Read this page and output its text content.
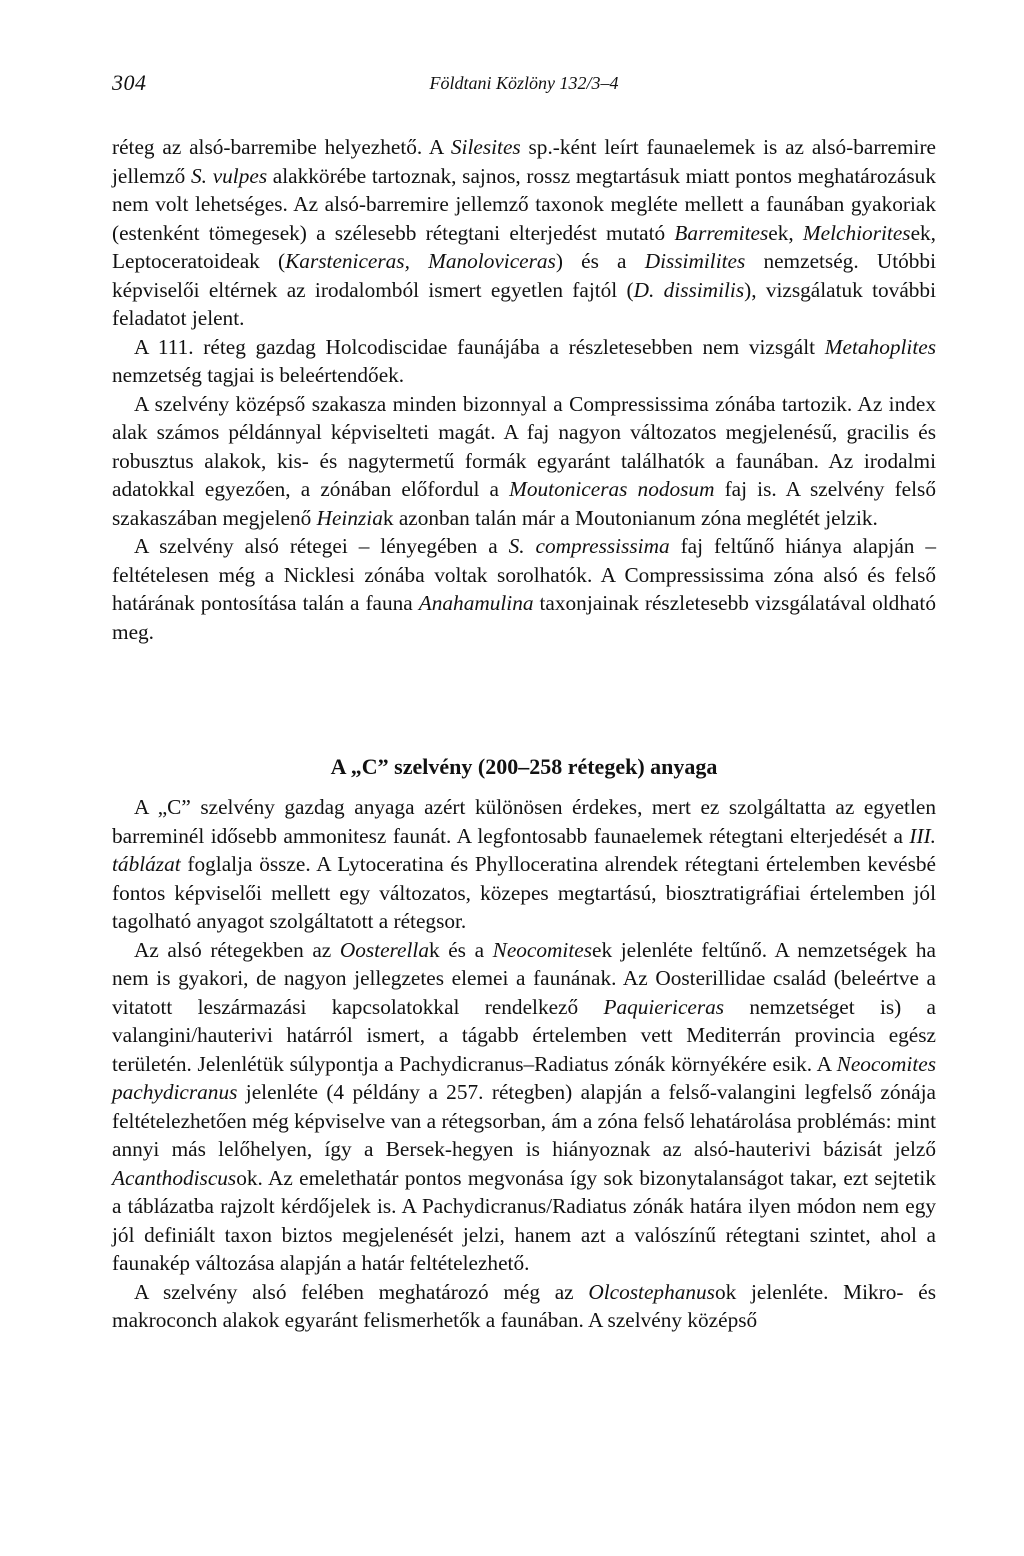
304	Földtani Közlöny 132/3–4

réteg az alsó-barremibe helyezhető. A Silesites sp.-ként leírt faunaelemek is az alsó-barremire jellemző S. vulpes alakkörébe tartoznak, sajnos, rossz megtartásuk miatt pontos meghatározásuk nem volt lehetséges. Az alsó-barremire jellemző taxonok megléte mellett a faunában gyakoriak (estenként tömegesek) a szélesebb rétegtani elterjedést mutató Barremitesek, Melchioritesek, Leptoceratoideak (Karsteniceras, Manoloviceras) és a Dissimilites nemzetség. Utóbbi képviselői eltérnek az irodalomból ismert egyetlen fajtól (D. dissimilis), vizsgálatuk további feladatot jelent.

A 111. réteg gazdag Holcodiscidae faunájába a részletesebben nem vizsgált Metahoplites nemzetség tagjai is beleértendőek.

A szelvény középső szakasza minden bizonnyal a Compressissima zónába tartozik. Az index alak számos példánnyal képviselteti magát. A faj nagyon változatos megjelenésű, gracilis és robusztus alakok, kis- és nagytermetű formák egyaránt találhatók a faunában. Az irodalmi adatokkal egyezően, a zónában előfordul a Moutoniceras nodosum faj is. A szelvény felső szakaszában megjelenő Heinziak azonban talán már a Moutonianum zóna meglétét jelzik.

A szelvény alsó rétegei – lényegében a S. compressissima faj feltűnő hiánya alapján – feltételesen még a Nicklesi zónába voltak sorolhatók. A Compressissima zóna alsó és felső határának pontosítása talán a fauna Anahamulina taxonjainak részletesebb vizsgálatával oldható meg.

A „C” szelvény (200–258 rétegek) anyaga

A „C” szelvény gazdag anyaga azért különösen érdekes, mert ez szolgáltatta az egyetlen barreminél idősebb ammonitesz faunát. A legfontosabb faunaelemek rétegtani elterjedését a III. táblázat foglalja össze. A Lytoceratina és Phylloceratina alrendek rétegtani értelemben kevésbé fontos képviselői mellett egy változatos, közepes megtartású, biosztratigráfiai értelemben jól tagolható anyagot szolgáltatott a rétegsor.

Az alsó rétegekben az Oosterellak és a Neocomitesek jelenléte feltűnő. A nemzetségek ha nem is gyakori, de nagyon jellegzetes elemei a faunának. Az Oosterillidae család (beleértve a vitatott leszármazási kapcsolatokkal rendelkező Paquiericeras nemzetséget is) a valangini/hauterivi határról ismert, a tágabb értelemben vett Mediterrán provincia egész területén. Jelenlétük súlypontja a Pachydicranus–Radiatus zónák környékére esik. A Neocomites pachydicranus jelenléte (4 példány a 257. rétegben) alapján a felső-valangini legfelső zónája feltételezhetően még képviselve van a rétegsorban, ám a zóna felső lehatárolása problémás: mint annyi más lelőhelyen, így a Bersek-hegyen is hiányoznak az alsó-hauterivi bázisát jelző Acanthodiscusok. Az emelethatár pontos megvonása így sok bizonytalanságot takar, ezt sejtetik a táblázatba rajzolt kérdőjelek is. A Pachydicranus/Radiatus zónák határa ilyen módon nem egy jól definiált taxon biztos megjelenését jelzi, hanem azt a valószínű rétegtani szintet, ahol a faunakép változása alapján a határ feltételezhető.

A szelvény alsó felében meghatározó még az Olcostephanusok jelenléte. Mikro- és makroconch alakok egyaránt felismerhetők a faunában. A szelvény középső
